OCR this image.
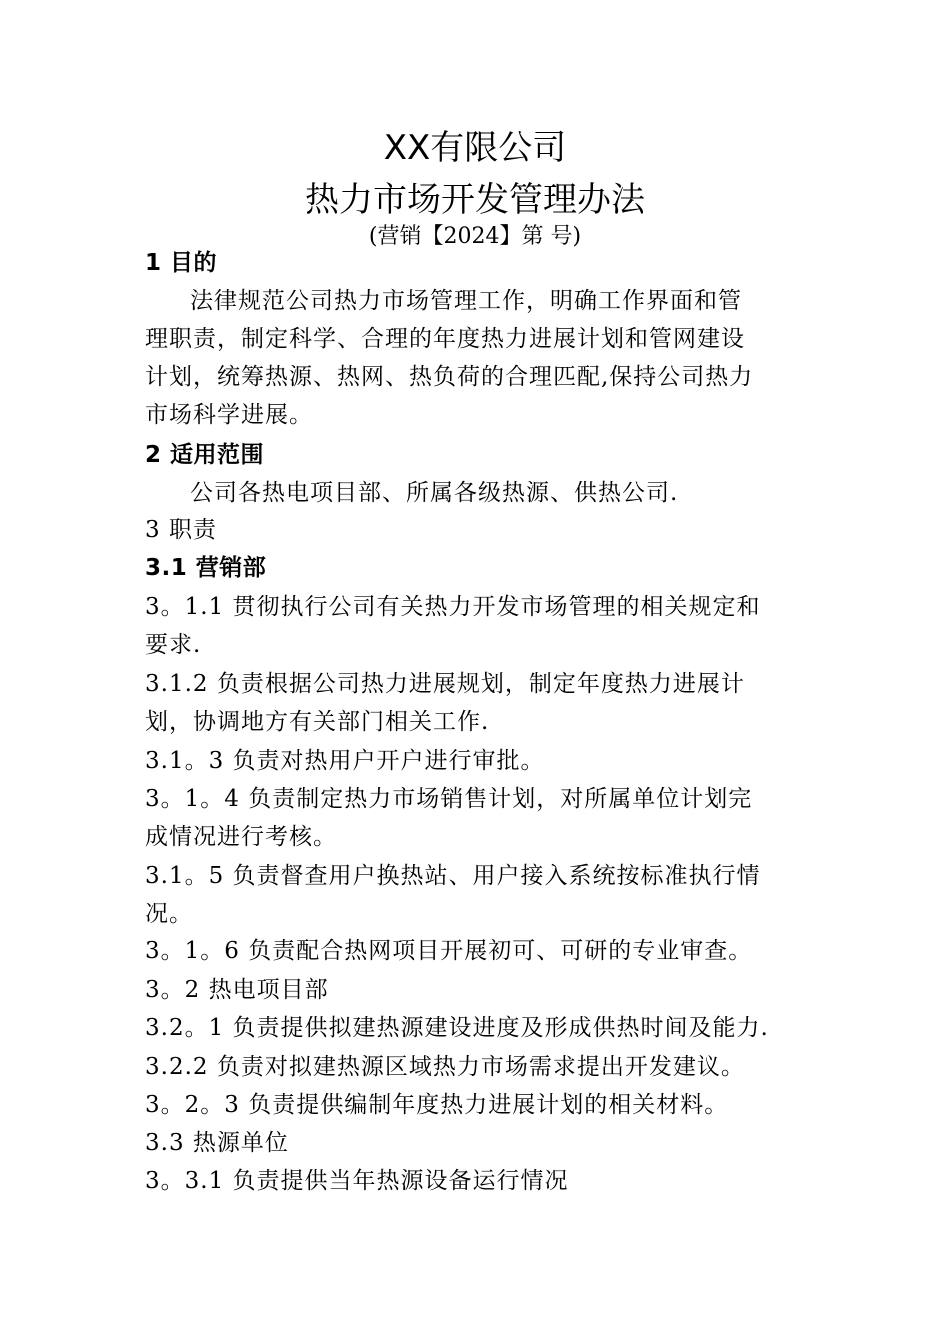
XX有限公司
热力市场开发管理办法
(营销【2024】第 号)
1 目的
法律规范公司热力市场管理工作，明确工作界面和管
理职责，制定科学、合理的年度热力进展计划和管网建设
计划，统筹热源、热网、热负荷的合理匹配,保持公司热力
市场科学进展。
2 适用范围
公司各热电项目部、所属各级热源、供热公司.
3 职责
3.1 营销部
3。1.1 贯彻执行公司有关热力开发市场管理的相关规定和
要求.
3.1.2 负责根据公司热力进展规划，制定年度热力进展计
划，协调地方有关部门相关工作.
3.1。3 负责对热用户开户进行审批。
3。1。4 负责制定热力市场销售计划，对所属单位计划完
成情况进行考核。
3.1。5 负责督查用户换热站、用户接入系统按标准执行情
况。
3。1。6 负责配合热网项目开展初可、可研的专业审查。
3。2 热电项目部
3.2。1 负责提供拟建热源建设进度及形成供热时间及能力.
3.2.2 负责对拟建热源区域热力市场需求提出开发建议。
3。2。3 负责提供编制年度热力进展计划的相关材料。
3.3 热源单位
3。3.1 负责提供当年热源设备运行情况
